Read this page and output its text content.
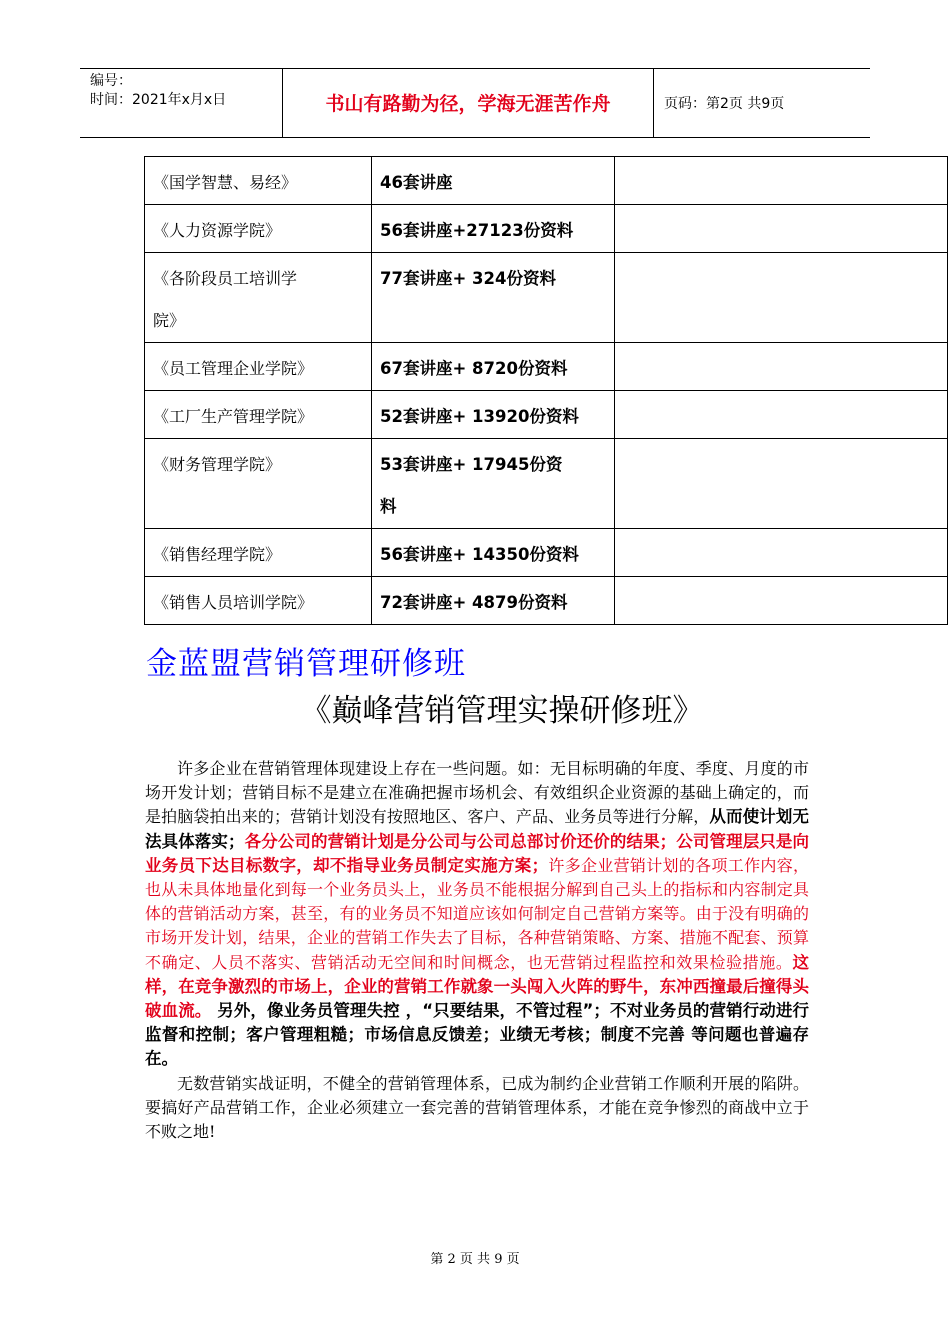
编号：
时间：2021年x月x日	书山有路勤为径，学海无涯苦作舟	页码：第2页 共9页
《国学智慧、易经》	46套讲座	
《人力资源学院》	56套讲座+27123份资料	

《各阶段员工培训学
院》	77套讲座+ 324份资料	
《员工管理企业学院》	67套讲座+ 8720份资料	
《工厂生产管理学院》	52套讲座+ 13920份资料	
《财务管理学院》	53套讲座+ 17945份资
料	

《销售经理学院》	56套讲座+ 14350份资料	
《销售人员培训学院》	72套讲座+ 4879份资料	
金蓝盟营销管理研修班
《巅峰营销管理实操研修班》

许多企业在营销管理体现建设上存在一些问题。如：无目标明确的年度、季度、月度的市场开发计划；营销目标不是建立在准确把握市场机会、有效组织企业资源的基础上确定的，而是拍脑袋拍出来的；营销计划没有按照地区、客户、产品、业务员等进行分解，从而使计划无法具体落实；各分公司的营销计划是分公司与公司总部讨价还价的结果；公司管理层只是向业务员下达目标数字，却不指导业务员制定实施方案；许多企业营销计划的各项工作内容，也从未具体地量化到每一个业务员头上，业务员不能根据分解到自己头上的指标和内容制定具体的营销活动方案，甚至，有的业务员不知道应该如何制定自己营销方案等。由于没有明确的市场开发计划，结果，企业的营销工作失去了目标，各种营销策略、方案、措施不配套、预算不确定、人员不落实、营销活动无空间和时间概念，也无营销过程监控和效果检验措施。这样，在竞争激烈的市场上，企业的营销工作就象一头闯入火阵的野牛，东冲西撞最后撞得头破血流。 另外，像业务员管理失控 ，“只要结果，不管过程”；不对业务员的营销行动进行监督和控制；客户管理粗糙；市场信息反馈差；业绩无考核；制度不完善 等问题也普遍存在。

无数营销实战证明，不健全的营销管理体系，已成为制约企业营销工作顺利开展的陷阱。要搞好产品营销工作，企业必须建立一套完善的营销管理体系，才能在竞争惨烈的商战中立于不败之地!

第 2 页 共 9 页
